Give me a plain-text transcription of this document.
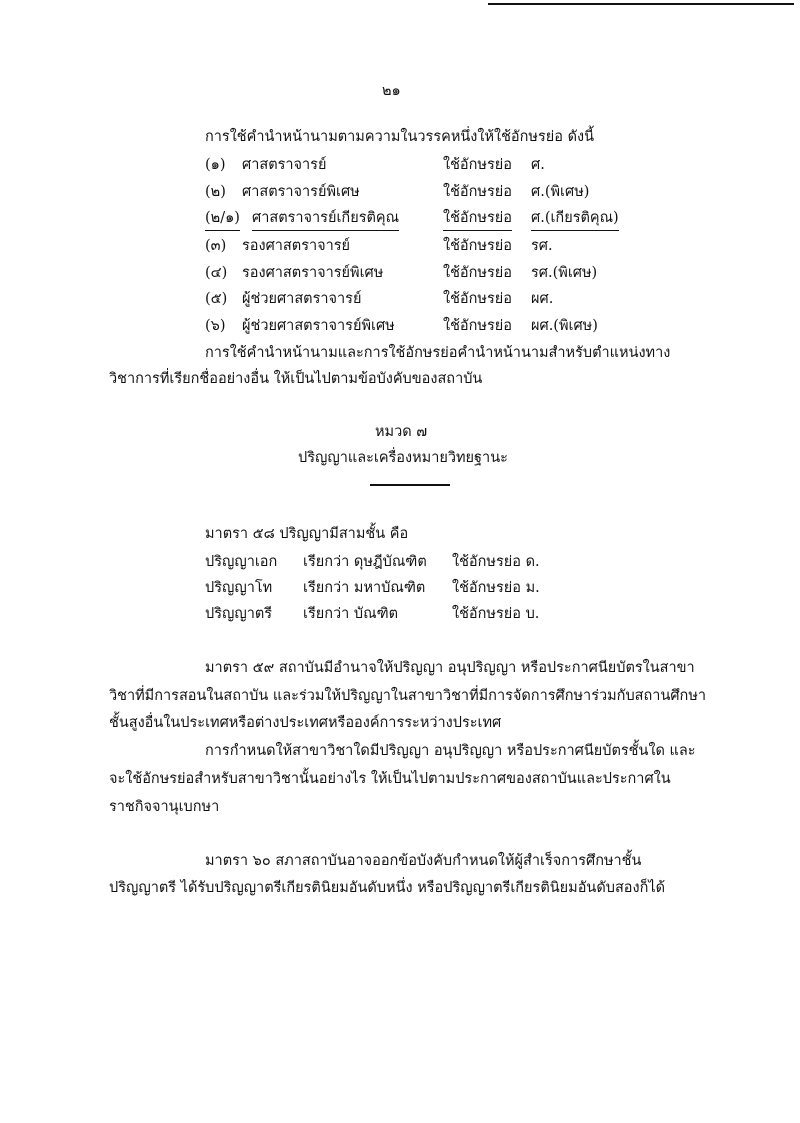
๒๑
การใช้คำนำหน้านามตามความในวรรคหนึ่งให้ใช้อักษรย่อ ดังนี้
(๑) ศาสตราจารย์	ใช้อักษรย่อ ศ.
(๒) ศาสตราจารย์พิเศษ	ใช้อักษรย่อ ศ.(พิเศษ)
(๒/๑) ศาสตราจารย์เกียรติคุณ	ใช้อักษรย่อ ศ.(เกียรติคุณ)
(๓) รองศาสตราจารย์	ใช้อักษรย่อ รศ.
(๔) รองศาสตราจารย์พิเศษ	ใช้อักษรย่อ รศ.(พิเศษ)
(๕) ผู้ช่วยศาสตราจารย์	ใช้อักษรย่อ ผศ.
(๖) ผู้ช่วยศาสตราจารย์พิเศษ	ใช้อักษรย่อ ผศ.(พิเศษ)
การใช้คำนำหน้านามและการใช้อักษรย่อคำนำหน้านามสำหรับตำแหน่งทาง
วิชาการที่เรียกชื่ออย่างอื่น ให้เป็นไปตามข้อบังคับของสถาบัน
หมวด ๗
ปริญญาและเครื่องหมายวิทยฐานะ
มาตรา ๕๘ ปริญญามีสามชั้น คือ
ปริญญาเอก เรียกว่า ดุษฎีบัณฑิต ใช้อักษรย่อ ด.
ปริญญาโท เรียกว่า มหาบัณฑิต ใช้อักษรย่อ ม.
ปริญญาตรี เรียกว่า บัณฑิต	ใช้อักษรย่อ บ.
มาตรา ๕๙ สถาบันมีอำนาจให้ปริญญา อนุปริญญา หรือประกาศนียบัตรในสาขา
วิชาที่มีการสอนในสถาบัน และร่วมให้ปริญญาในสาขาวิชาที่มีการจัดการศึกษาร่วมกับสถานศึกษา
ชั้นสูงอื่นในประเทศหรือต่างประเทศหรือองค์การระหว่างประเทศ
การกำหนดให้สาขาวิชาใดมีปริญญา อนุปริญญา หรือประกาศนียบัตรชั้นใด และ
จะใช้อักษรย่อสำหรับสาขาวิชานั้นอย่างไร ให้เป็นไปตามประกาศของสถาบันและประกาศใน
ราชกิจจานุเบกษา
มาตรา ๖๐ สภาสถาบันอาจออกข้อบังคับกำหนดให้ผู้สำเร็จการศึกษาชั้น
ปริญญาตรี ได้รับปริญญาตรีเกียรตินิยมอันดับหนึ่ง หรือปริญญาตรีเกียรตินิยมอันดับสองก็ได้
